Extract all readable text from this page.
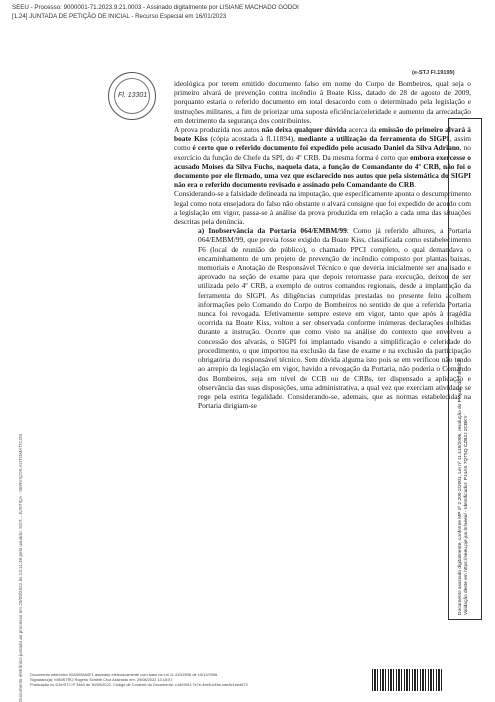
SEEU - Processo: 9000001-71.2023.9.21.0003 - Assinado digitalmente por LISIANE MACHADO GODOI
[1.24] JUNTADA DE PETIÇÃO DE INICIAL - Recurso Especial em 16/01/2023
(e-STJ Fl.19199)
Fl. 13301

ideológica por terem emitido documento falso em nome do Corpo de Bombeiros, qual seja o primeiro alvará de prevenção contra incêndio à Boate Kiss, datado de 28 de agosto de 2009, porquanto estaria o referido documento em total desacordo com o determinado pela legislação e instruções militares, a fim de priorizar uma suposta eficiência/celeridade e aumento da arrecadação em detrimento da segurança dos contribuintes.

A prova produzida nos autos não deixa qualquer dúvida acerca da emissão do primeiro alvará à boate Kiss (cópia acostada à fl.11894), mediante a utilização da ferramenta do SIGPI, assim como é certo que o referido documento foi expedido pelo acusado Daniel da Silva Adriano, no exercício da função de Chefe da SPI, do 4º CRB. Da mesma forma é certo que embora exercesse o acusado Moises da Silva Fuchs, naquela data, a função de Comandante do 4º CRB, não foi o documento por ele firmado, uma vez que esclarecido nos autos que pela sistemática do SIGPI não era o referido documento revisado e assinado pelo Comandante do CRB.

Considerando-se a falsidade delineada na imputação, que especificamente aponta o descumprimento legal como nota ensejadora do falso não obstante o alvará consigne que foi expedido de acordo com a legislação em vigor, passa-se à análise da prova produzida em relação a cada uma das situações descritas pela denúncia.

a) Inobservância da Portaria 064/EMBM/99: Como já referido alhures, a Portaria 064/EMBM/99, que previa fosse exigido da Boate Kiss, classificada como estabelecimento F6 (local de reunião de público), o chamado PPCI completo, o qual demandava o encaminhamento de um projeto de prevenção de incêndio composto por plantas baixas, memoriais e Anotação de Responsável Técnico e que deveria inicialmente ser analisado e aprovado na seção de exame para que depois retornasse para execução, deixou de ser utilizada pelo 4º CRB, a exemplo de outros comandos regionais, desde a implantação da ferramenta do SIGPI. As diligências cumpridas prestadas no presente feito acolhem informações pelo Comando do Corpo de Bombeiros no sentido de que a referida Portaria nunca foi revogada. Efetivamente sempre esteve em vigor, tanto que após à tragédia ocorrida na Boate Kiss, voltou a ser observada conforme inúmeras declarações colhidas durante a instrução. Ocorre que como visto na análise do contexto que envolveu a concessão dos alvarás, o SIGPI foi implantado visando a simplificação e celeridade do procedimento, o que importou na exclusão da fase de exame e na exclusão da participação obrigatória do responsável técnico. Sem dúvida alguma isto pois se em verificou não tendo ao arrepio da legislação em vigor, havido a revogação da Portaria, não poderia o Comando dos Bombeiros, seja em nível de CCB ou de CRBs, ter dispensado a aplicação e observância das suas disposições, uma administrativa, a qual vez que exerciam atividade se rege pela estrita legalidade. Considerando-se, ademais, que as normas estabelecidas na Portaria dirigiam-se

Documento eletrônico juntado ao processo em 20/09/2022 às 13:11:49 pelo usuário: SGT... JUSTIÇA - SERVIÇOS AUTOMÁTICOS	Documento assinado digitalmente, conforme MP nº 2.200-2/2001, Lei nº 11.419/2006, resolução do Projudi, do TJPR/OE Validação deste em https://seeu.pje.jus.br/seeu/ - Identificador: PJ4AS 7QT5Q CZB2J 2CBKY
Documento eletrônico 00A5098A0F1 assinado eletronicamente com base na Lei 11.419/2006 de 19/12/2006
Signatário(a): MINISTRO Rogerio Schietti Cruz Assinado em: 29/08/2022 13:16:57
Publicação no DJe/STJ nº 3464 de 30/09/2022. Código de Controle do Documento: c1d0991f-7e7e-4ee6-b4be-cae8c1eea573
